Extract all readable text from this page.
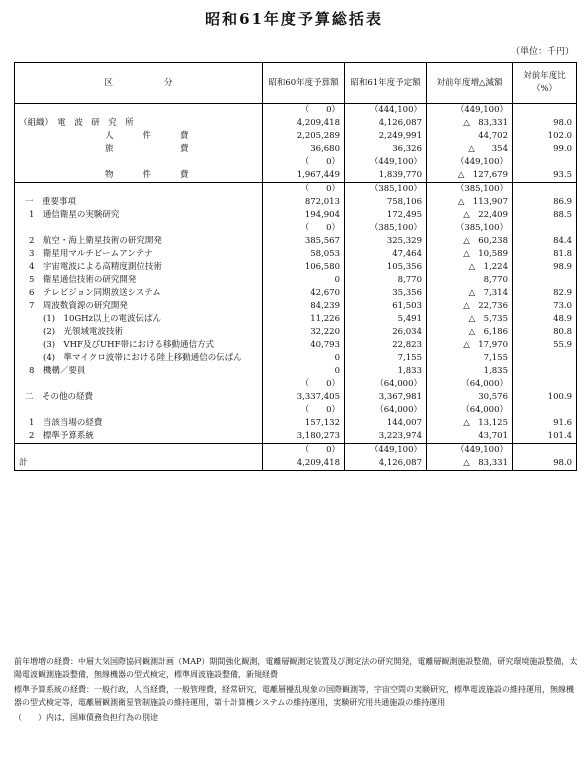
昭和61年度予算総括表
（単位：千円）
区　　　　　　分	昭和60年度予算額	昭和61年度予定額	対前年度増△減額	対前年度比（%）
	（　　0）	（444,100）	（449,100）	
（組織）　電　波　研　究　所	4,209,418	4,126,087	△　83,331	98.0
人　　件　　費	2,205,289	2,249,991	44,702	102.0
旅　　　　　費	36,680	36,326	△　　354	99.0
	（　　0）	（449,100）	（449,100）	
物　　件　　費	1,967,449	1,839,770	△　127,679	93.5
	（　　0）	（385,100）	（385,100）	
一　重要事項	872,013	758,106	△　113,907	86.9
1　通信衛星の実験研究	194,904	172,495	△　22,409	88.5
	（　　0）	（385,100）	（385,100）	
2　航空・海上衛星技術の研究開発	385,567	325,329	△　60,238	84.4
3　衛星用マルチビームアンテナ	58,053	47,464	△　10,589	81.8
4　宇宙電波による高精度測位技術	106,580	105,356	△　1,224	98.9
5　衛星通信技術の研究開発	0	8,770	8,770	
6　テレビジョン同期放送システム	42,670	35,356	△　7,314	82.9
7　周波数資源の研究開発	84,239	61,503	△　22,736	73.0
(1)　10GHz以上の電波伝ぱん	11,226	5,491	△　5,735	48.9
(2)　光領域電波技術	32,220	26,034	△　6,186	80.8
(3)　VHF及びUHF帯における移動通信方式	40,793	22,823	△　17,970	55.9
(4)　準マイクロ波帯における陸上移動通信の伝ぱん	0	7,155	7,155	
8　機構／要員	0	1,833	1,835	
	（　　0）	（64,000）	（64,000）	
二　その他の経費	3,337,405	3,367,981	30,576	100.9
	（　　0）	（64,000）	（64,000）	
1　当該当場の経費	157,132	144,007	△　13,125	91.6
2　標準予算系統	3,180,273	3,223,974	43,701	101.4
	（　　0）	（449,100）	（449,100）	
計	4,209,418	4,126,087	△　83,331	98.0

前年増増の経費：中層大気国際協同観測計画（MAP）期間強化観測，電離層観測定装置及び測定法の研究開発，電離層観測施設整備，研究環境施設整備，太陽電波観測施設整備，無線機器の型式検定，標準周波施設整備，新規経費

標準予算系統の経費：一般行政，人当経費，一般管理費，経常研究，電離層擾乱現象の国際観測等，宇宙空間の実験研究，標準電波施設の維持運用，無線機器の型式検定等，電離層観測衛星管制施設の維持運用，第十計算機システムの維持運用，実験研究用共通施設の維持運用

（　　）内は，国庫債務負担行為の別途
